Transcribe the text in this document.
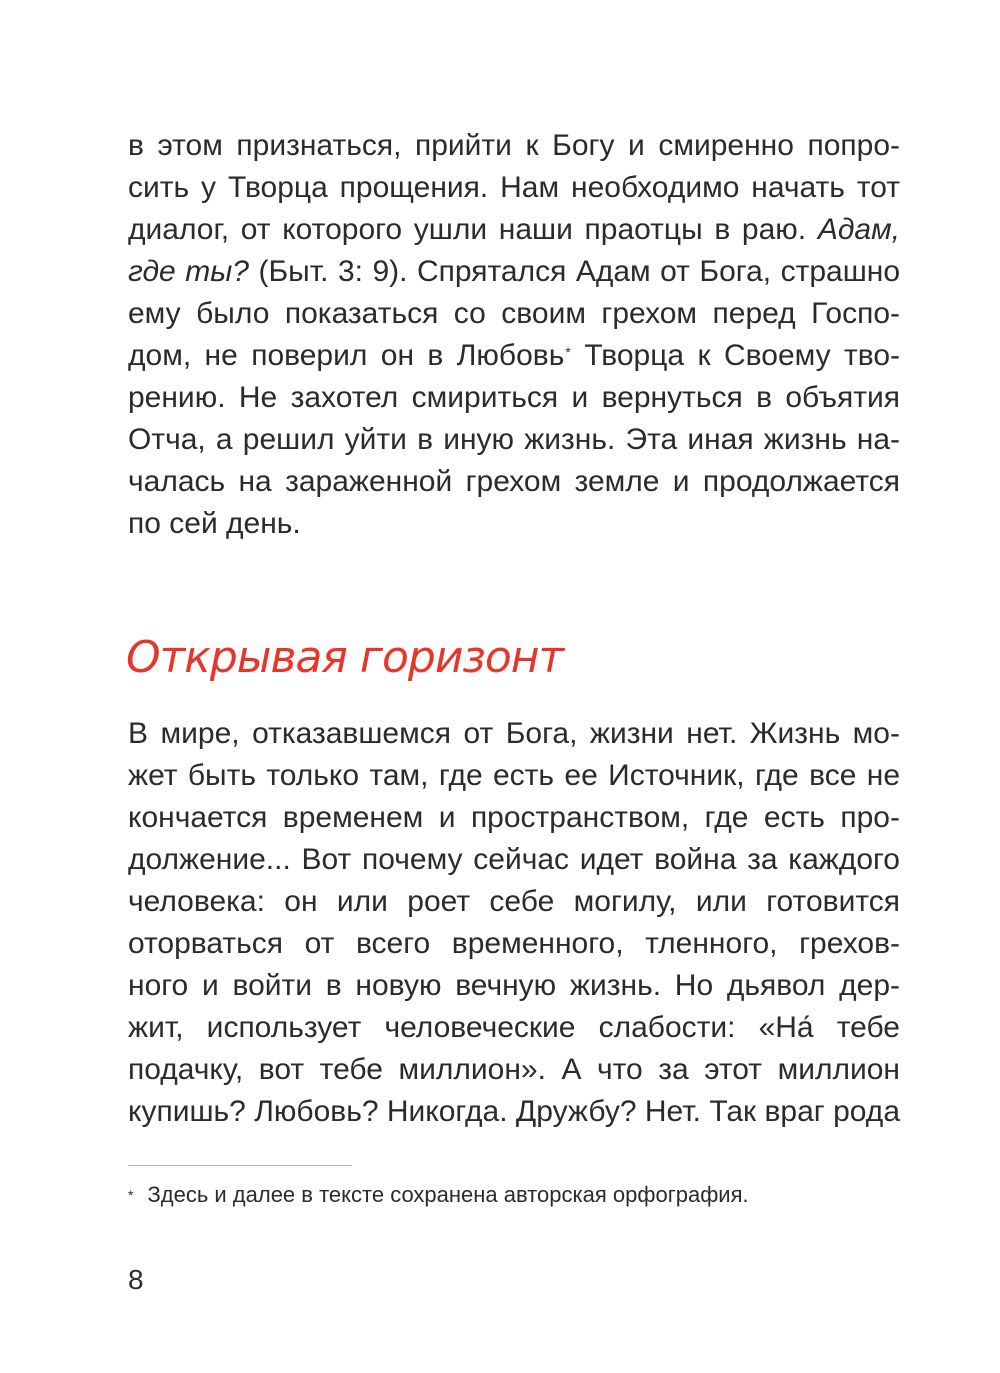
в этом признаться, прийти к Богу и смиренно попро-
сить у Творца прощения. Нам необходимо начать тот
диалог, от которого ушли наши праотцы в раю. Адам,
где ты? (Быт. 3: 9). Спрятался Адам от Бога, страшно
ему было показаться со своим грехом перед Госпо-
дом, не поверил он в Любовь* Творца к Своему тво-
рению. Не захотел смириться и вернуться в объятия
Отча, а решил уйти в иную жизнь. Эта иная жизнь на-
чалась на зараженной грехом земле и продолжается
по сей день.
Открывая горизонт
В мире, отказавшемся от Бога, жизни нет. Жизнь мо-
жет быть только там, где есть ее Источник, где все не
кончается временем и пространством, где есть про-
должение... Вот почему сейчас идет война за каждого
человека: он или роет себе могилу, или готовится
оторваться от всего временного, тленного, грехов-
ного и войти в новую вечную жизнь. Но дьявол дер-
жит, использует человеческие слабости: «На́ тебе
подачку, вот тебе миллион». А что за этот миллион
купишь? Любовь? Никогда. Дружбу? Нет. Так враг рода
* Здесь и далее в тексте сохранена авторская орфография.
8
